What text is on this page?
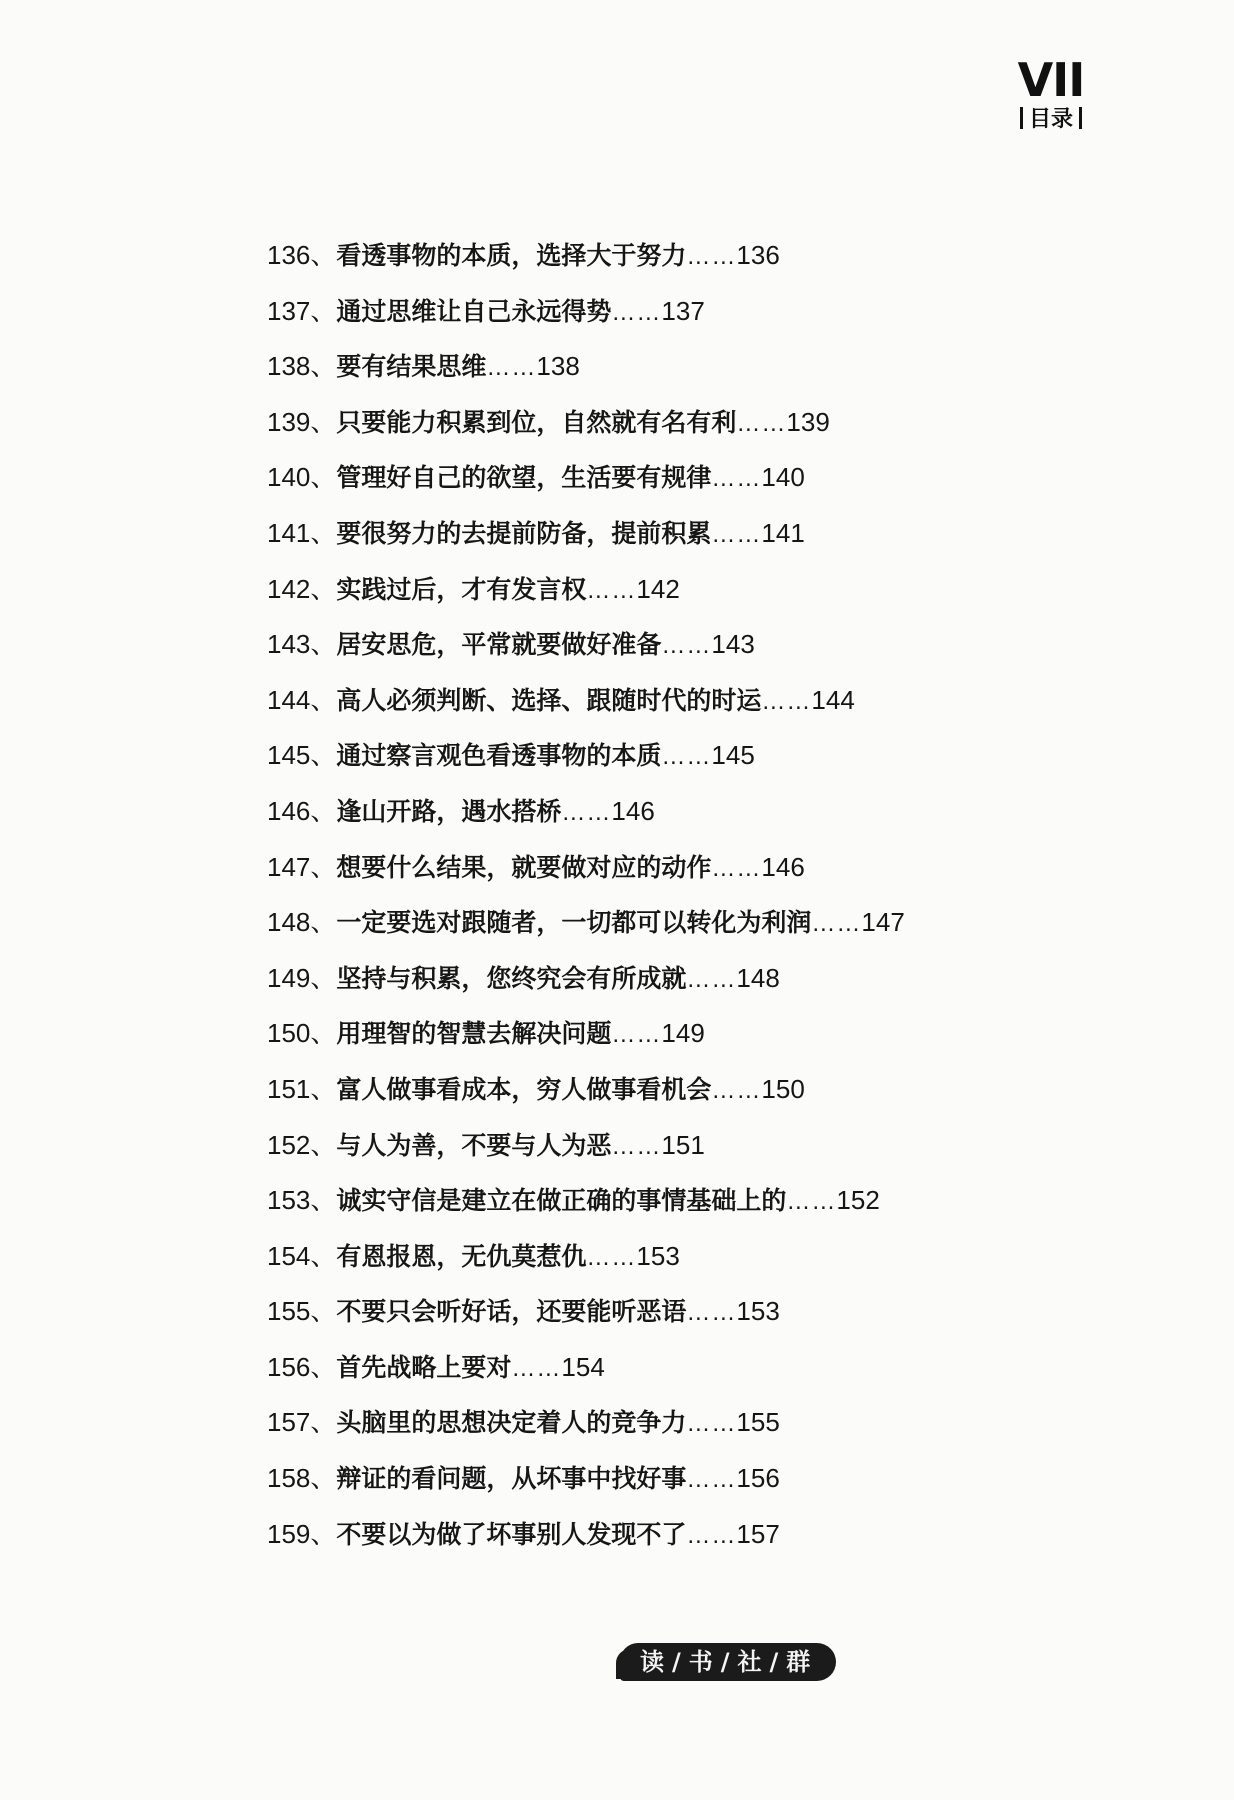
VII
目录
136、看透事物的本质，选择大于努力……136
137、通过思维让自己永远得势……137
138、要有结果思维……138
139、只要能力积累到位，自然就有名有利……139
140、管理好自己的欲望，生活要有规律……140
141、要很努力的去提前防备，提前积累……141
142、实践过后，才有发言权……142
143、居安思危，平常就要做好准备……143
144、高人必须判断、选择、跟随时代的时运……144
145、通过察言观色看透事物的本质……145
146、逢山开路，遇水搭桥……146
147、想要什么结果，就要做对应的动作……146
148、一定要选对跟随者，一切都可以转化为利润……147
149、坚持与积累，您终究会有所成就……148
150、用理智的智慧去解决问题……149
151、富人做事看成本，穷人做事看机会……150
152、与人为善，不要与人为恶……151
153、诚实守信是建立在做正确的事情基础上的……152
154、有恩报恩，无仇莫惹仇……153
155、不要只会听好话，还要能听恶语……153
156、首先战略上要对……154
157、头脑里的思想决定着人的竞争力……155
158、辩证的看问题，从坏事中找好事……156
159、不要以为做了坏事别人发现不了……157
读 / 书 / 社 / 群
